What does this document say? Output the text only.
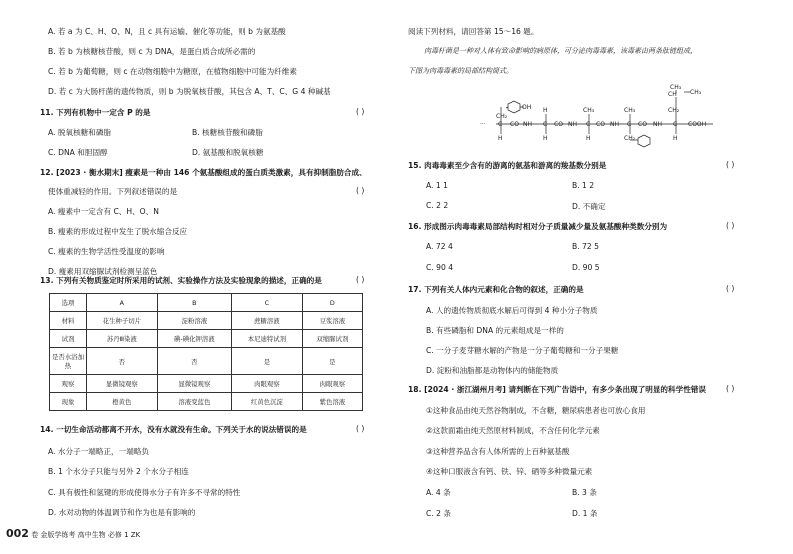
A. 若 a 为 C、H、O、N，且 c 具有运输、催化等功能，则 b 为氨基酸
B. 若 b 为核糖核苷酸，则 c 为 DNA，是蛋白质合成所必需的
C. 若 b 为葡萄糖，则 c 在动物细胞中为糖原，在植物细胞中可能为纤维素
D. 若 c 为大肠杆菌的遗传物质，则 b 为脱氧核苷酸，其包含 A、T、C、G 4 种碱基
11. 下列有机物中一定含 P 的是	( )
A. 脱氧核糖和磷脂	B. 核糖核苷酸和磷脂
C. DNA 和胆固醇	D. 氨基酸和脱氧核糖
12. [2023 · 衡水期末] 瘦素是一种由 146 个氨基酸组成的蛋白质类激素，具有抑制脂肪合成、
使体重减轻的作用。下列叙述错误的是	( )
A. 瘦素中一定含有 C、H、O、N
B. 瘦素的形成过程中发生了脱水缩合反应
C. 瘦素的生物学活性受温度的影响
D. 瘦素用双缩脲试剂检测呈蓝色
13. 下列有关物质鉴定时所采用的试剂、实验操作方法及实验现象的描述，正确的是	( )
选项	A	B	C	D
材料	花生种子切片	淀粉溶液	蔗糖溶液	豆浆溶液
试剂	苏丹Ⅲ染液	碘-碘化钾溶液	本尼迪特试剂	双缩脲试剂
是否水浴加热	否	否	是	是
观察	显微镜观察	显微镜观察	肉眼观察	肉眼观察
现象	橙黄色	溶液变蓝色	红黄色沉淀	紫色溶液
14. 一切生命活动都离不开水，没有水就没有生命。下列关于水的说法错误的是	( )
A. 水分子一端略正，一端略负
B. 1 个水分子只能与另外 2 个水分子相连
C. 具有极性和氢键的形成使得水分子有许多不寻常的特性
D. 水对动物的体温调节和作为也是有影响的
002 卷 金版学练考 高中生物 必修 1 ZK
阅读下列材料，请回答第 15～16 题。
肉毒杆菌是一种对人体有致命影响的病原体，可分泌肉毒毒素，该毒素由两条肽链组成，
下图为肉毒毒素的局部结构简式。
···
CH₂
OH
C
H
CO NH
H
C
H
CO NH
CH₃
C
H
CO NH
CH₃
C
CH₂
CO NH
CH CH₃
CH₃
CH₂
C
H
COOH
15. 肉毒毒素至少含有的游离的氨基和游离的羧基数分别是	( )
A. 1 1	B. 1 2
C. 2 2	D. 不确定
16. 形成图示肉毒毒素局部结构时相对分子质量减少量及氨基酸种类数分别为	( )
A. 72 4	B. 72 5
C. 90 4	D. 90 5
17. 下列有关人体内元素和化合物的叙述，正确的是	( )
A. 人的遗传物质彻底水解后可得到 4 种小分子物质
B. 有些磷脂和 DNA 的元素组成是一样的
C. 一分子麦芽糖水解的产物是一分子葡萄糖和一分子果糖
D. 淀粉和油脂都是动物体内的储能物质
18. [2024 · 浙江湖州月考] 请判断在下列广告语中，有多少条出现了明显的科学性错误	( )
①这种食品由纯天然谷物制成，不含糖，糖尿病患者也可放心食用
②这款面霜由纯天然原材料制成，不含任何化学元素
③这种营养品含有人体所需的上百种氨基酸
④这种口服液含有钙、铁、锌、硒等多种微量元素
A. 4 条	B. 3 条
C. 2 条	D. 1 条
